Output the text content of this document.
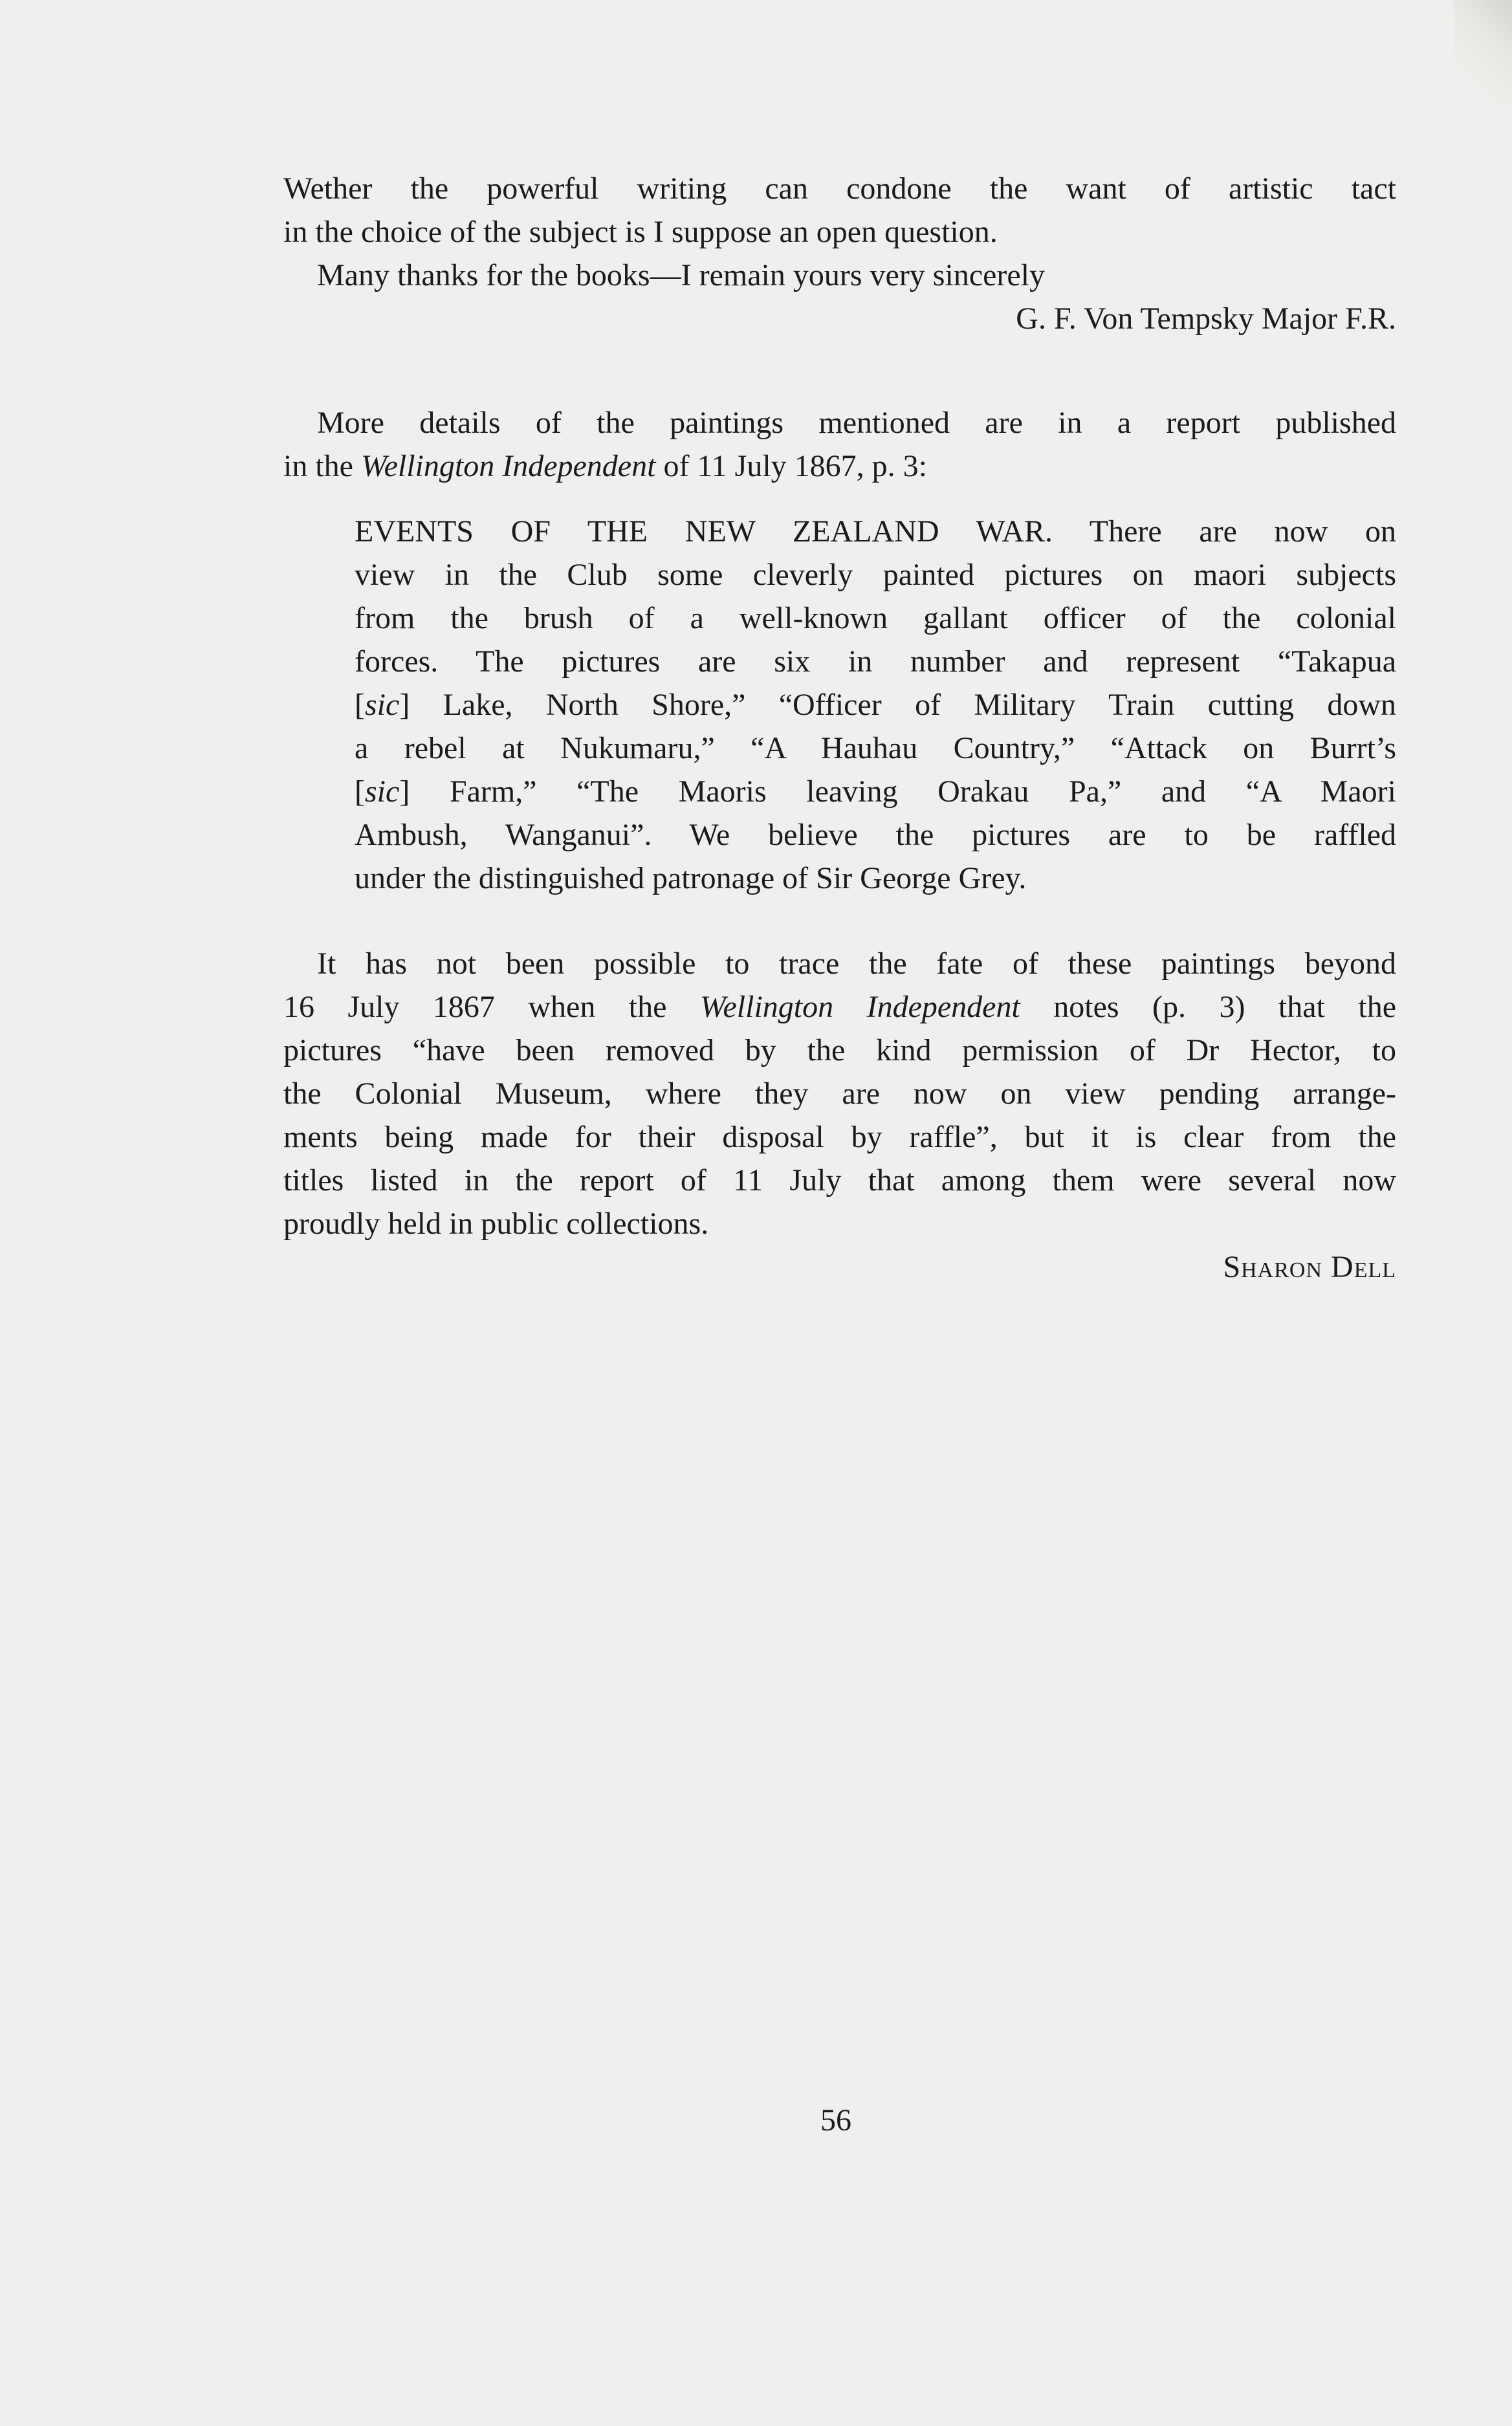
Wether the powerful writing can condone the want of artistic tact
in the choice of the subject is I suppose an open question.
Many thanks for the books—I remain yours very sincerely
G. F. Von Tempsky Major F.R.
More details of the paintings mentioned are in a report published
in the Wellington Independent of 11 July 1867, p. 3:
EVENTS OF THE NEW ZEALAND WAR. There are now on
view in the Club some cleverly painted pictures on maori subjects
from the brush of a well-known gallant officer of the colonial
forces. The pictures are six in number and represent “Takapua
[sic] Lake, North Shore,” “Officer of Military Train cutting down
a rebel at Nukumaru,” “A Hauhau Country,” “Attack on Burrt’s
[sic] Farm,” “The Maoris leaving Orakau Pa,” and “A Maori
Ambush, Wanganui”. We believe the pictures are to be raffled
under the distinguished patronage of Sir George Grey.
It has not been possible to trace the fate of these paintings beyond
16 July 1867 when the Wellington Independent notes (p. 3) that the
pictures “have been removed by the kind permission of Dr Hector, to
the Colonial Museum, where they are now on view pending arrange-
ments being made for their disposal by raffle”, but it is clear from the
titles listed in the report of 11 July that among them were several now
proudly held in public collections.
Sharon Dell
56
